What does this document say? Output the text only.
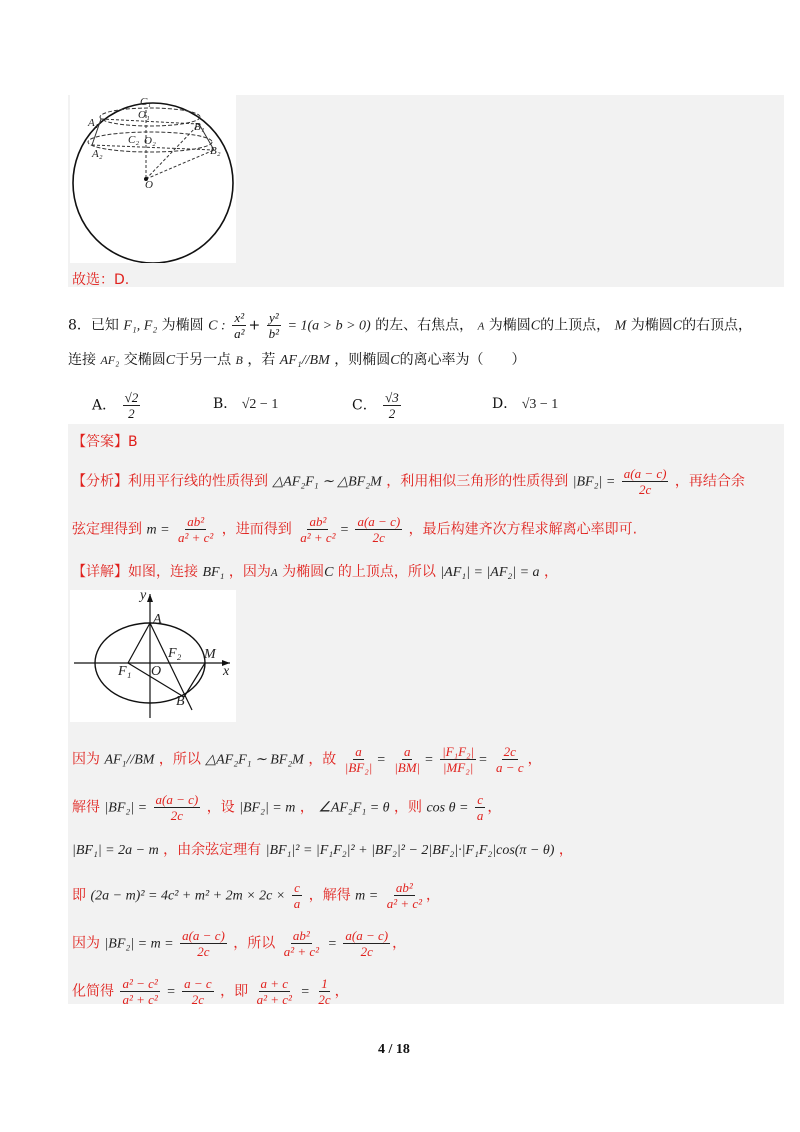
C₁
O₁
B₁
A₁
C₂ O₂
A₂	B₂
O
故选：D.
8．已知 F₁, F₂ 为椭圆 C : $\frac{\text{x²}}{\text{a²}} + \frac{\text{y²}}{\text{b²}} = 1(a > b > 0)$ 的左、右焦点， A 为椭圆C的上顶点， M 为椭圆C的右顶点，
连接 AF₂ 交椭圆C于另一点 B ，若 AF₁//BM ，则椭圆C的离心率为（　　）
A． $\frac{√2}{2}$	B． √2 − 1	C． $\frac{√3}{2}$	D． √3 − 1
【答案】B
【分析】利用平行线的性质得到 △AF₂F₁ ∼ △BF₂M ，利用相似三角形的性质得到 $|BF_2| = \frac{a(a - c)}{2c}$ ，再结合余
弦定理得到 $m = \frac{\text{ab²}}{\text{a² + c²}}$ ，进而得到 $\frac{\text{ab²}}{\text{a² + c²}} = \frac{a(a - c)}{2c}$ ，最后构建齐次方程求解离心率即可.
【详解】如图，连接 BF₁ ，因为A 为椭圆C 的上顶点，所以 |AF₁| = |AF₂| = a ，
y
A
F₂ M
F₁ O	x
B
因为 AF₁//BM ，所以 △AF₂F₁ ∼ BF₂M ，故 $\frac{a}{\text{|BF₂|}} = \frac{a}{|BM|} = \frac{\text{|F₁F₂|}}{\text{|MF₂|}} = \frac{2c}{a - c}$ ，
解得 $|BF_2| = \frac{a(a - c)}{2c}$ ，设 |BF₂| = m ， ∠AF₂F₁ = θ ，则 $\cos \theta = \frac{c}{a}$ ，
|BF₁| = 2a − m ，由余弦定理有 |BF₁|² = |F₁F₂|² + |BF₂|² − 2|BF₂|·|F₁F₂|cos(π − θ) ，
即 $(2a - m)^2 = 4c^2 + m^2 + 2m \times 2c \times \frac{c}{a}$ ，解得 $m = \frac{\text{ab²}}{\text{a² + c²}}$ ，
因为 $|BF_2| = m = \frac{a(a - c)}{2c}$ ，所以 $\frac{\text{ab²}}{\text{a² + c²}} = \frac{a(a - c)}{2c}$ ，
化简得 $\frac{\text{a² − c²}}{\text{a² + c²}} = \frac{a - c}{2c}$ ，即 $\frac{a + c}{\text{a² + c²}} = \frac{1}{2c}$ ，
4 / 18
